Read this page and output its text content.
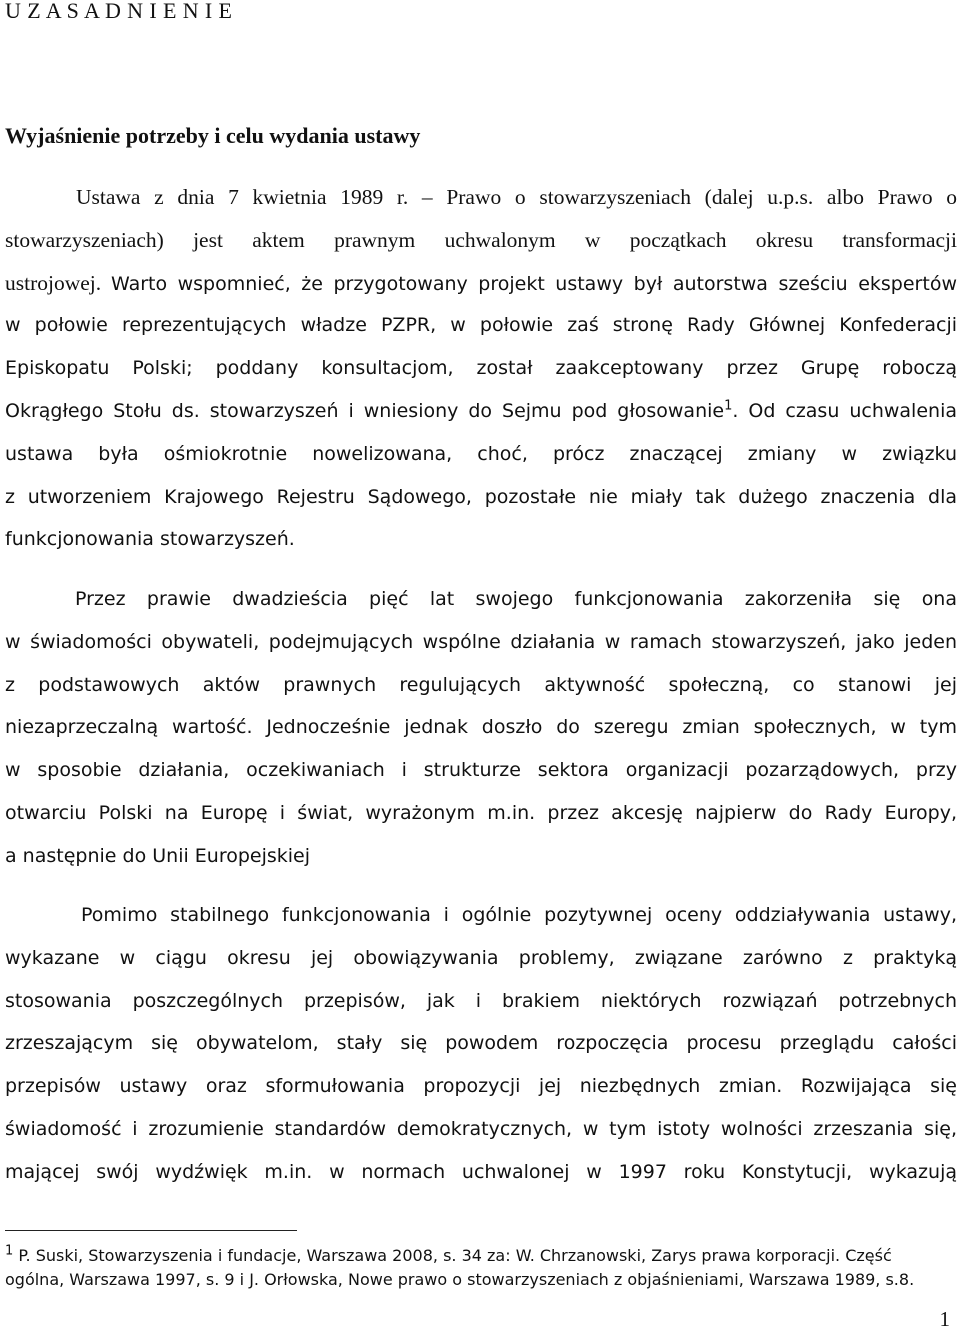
U Z A S A D N I E N I E
Wyjaśnienie potrzeby i celu wydania ustawy
Ustawa z dnia 7 kwietnia 1989 r. – Prawo o stowarzyszeniach (dalej u.p.s. albo Prawo o
stowarzyszeniach) jest aktem prawnym uchwalonym w początkach okresu transformacji
ustrojowej. Warto wspomnieć, że przygotowany projekt ustawy był autorstwa sześciu ekspertów
w połowie reprezentujących władze PZPR, w połowie zaś stronę Rady Głównej Konfederacji
Episkopatu Polski; poddany konsultacjom, został zaakceptowany przez Grupę roboczą
Okrągłego Stołu ds. stowarzyszeń i wniesiony do Sejmu pod głosowanie$^1$. Od czasu uchwalenia
ustawa była ośmiokrotnie nowelizowana, choć, prócz znaczącej zmiany w związku
z utworzeniem Krajowego Rejestru Sądowego, pozostałe nie miały tak dużego znaczenia dla
funkcjonowania stowarzyszeń.
Przez prawie dwadzieścia pięć lat swojego funkcjonowania zakorzeniła się ona
w świadomości obywateli, podejmujących wspólne działania w ramach stowarzyszeń, jako jeden
z podstawowych aktów prawnych regulujących aktywność społeczną, co stanowi jej
niezaprzeczalną wartość. Jednocześnie jednak doszło do szeregu zmian społecznych, w tym
w sposobie działania, oczekiwaniach i strukturze sektora organizacji pozarządowych, przy
otwarciu Polski na Europę i świat, wyrażonym m.in. przez akcesję najpierw do Rady Europy,
a następnie do Unii Europejskiej
Pomimo stabilnego funkcjonowania i ogólnie pozytywnej oceny oddziaływania ustawy,
wykazane w ciągu okresu jej obowiązywania problemy, związane zarówno z praktyką
stosowania poszczególnych przepisów, jak i brakiem niektórych rozwiązań potrzebnych
zrzeszającym się obywatelom, stały się powodem rozpoczęcia procesu przeglądu całości
przepisów ustawy oraz sformułowania propozycji jej niezbędnych zmian. Rozwijająca się
świadomość i zrozumienie standardów demokratycznych, w tym istoty wolności zrzeszania się,
mającej swój wydźwięk m.in. w normach uchwalonej w 1997 roku Konstytucji, wykazują
$^1$ P. Suski, Stowarzyszenia i fundacje, Warszawa 2008, s. 34 za: W. Chrzanowski, Zarys prawa korporacji. Część
ogólna, Warszawa 1997, s. 9 i J. Orłowska, Nowe prawo o stowarzyszeniach z objaśnieniami, Warszawa 1989, s.8.
1
